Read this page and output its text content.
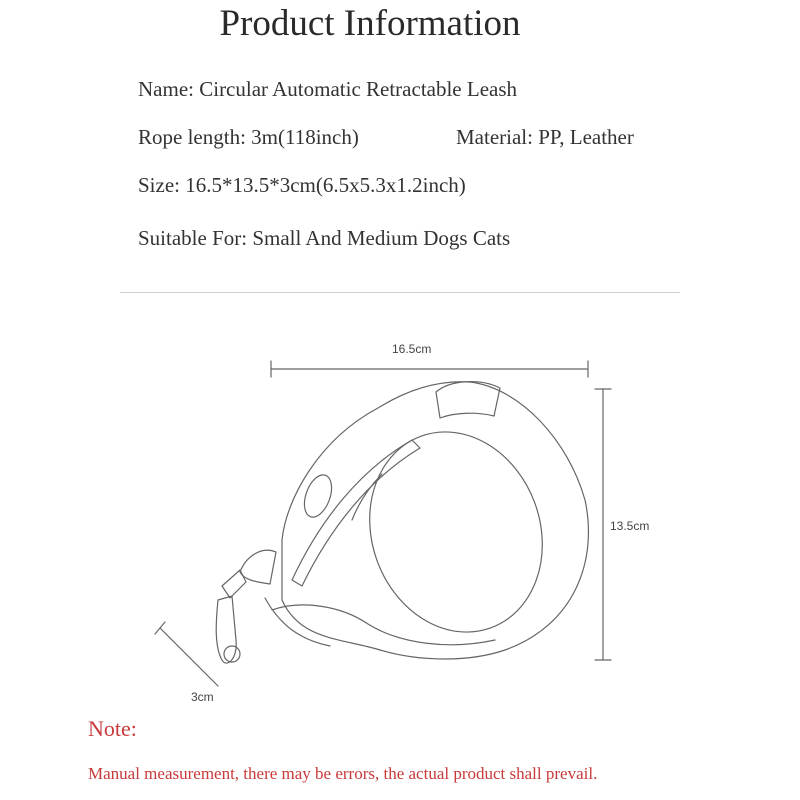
Product Information
Name: Circular Automatic Retractable Leash
Rope length: 3m(118inch)	Material: PP, Leather
Size: 16.5*13.5*3cm(6.5x5.3x1.2inch)
Suitable For: Small And Medium Dogs Cats
16.5cm
13.5cm
3cm
Note:
Manual measurement, there may be errors, the actual product shall prevail.
